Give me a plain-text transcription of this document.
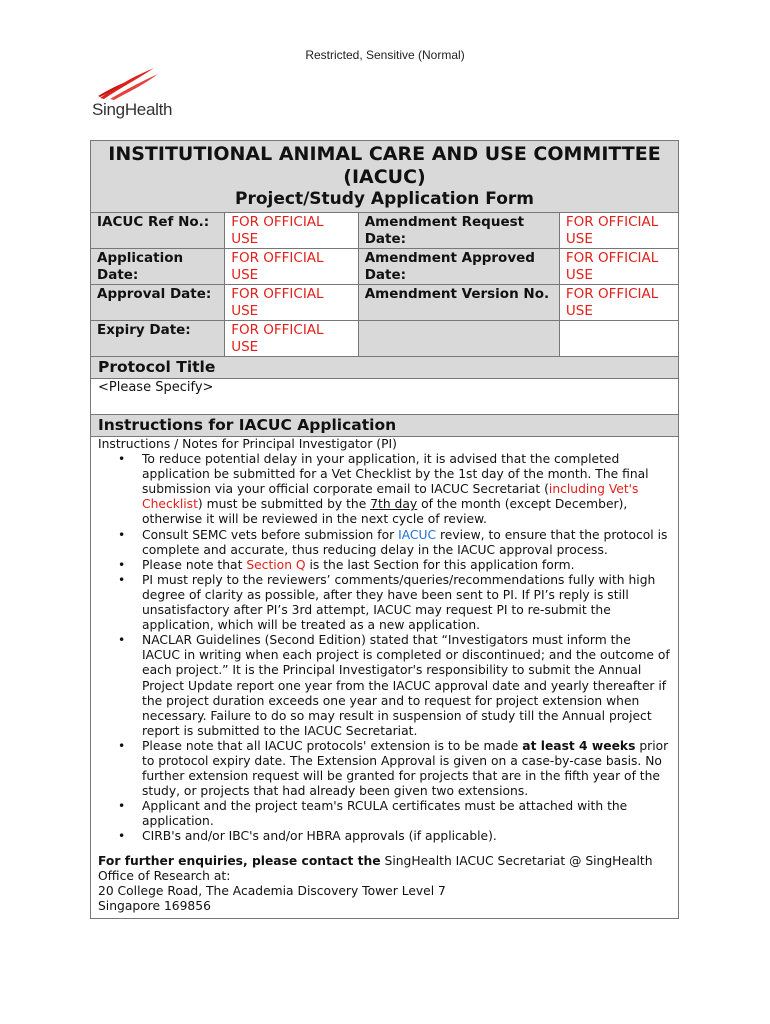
Restricted, Sensitive (Normal)
SingHealth
INSTITUTIONAL ANIMAL CARE AND USE COMMITTEE
(IACUC)
Project/Study Application Form
IACUC Ref No.:	FOR OFFICIAL USE	Amendment Request Date:	FOR OFFICIAL USE
Application Date:	FOR OFFICIAL USE	Amendment Approved Date:	FOR OFFICIAL USE
Approval Date:	FOR OFFICIAL USE	Amendment Version No.	FOR OFFICIAL USE
Expiry Date:	FOR OFFICIAL USE		
Protocol Title
<Please Specify>
Instructions for IACUC Application
Instructions / Notes for Principal Investigator (PI)
• To reduce potential delay in your application, it is advised that the completed application be submitted for a Vet Checklist by the 1st day of the month. The final submission via your official corporate email to IACUC Secretariat (including Vet's Checklist) must be submitted by the 7th day of the month (except December), otherwise it will be reviewed in the next cycle of review.
• Consult SEMC vets before submission for IACUC review, to ensure that the protocol is complete and accurate, thus reducing delay in the IACUC approval process.
• Please note that Section Q is the last Section for this application form.
• PI must reply to the reviewers’ comments/queries/recommendations fully with high degree of clarity as possible, after they have been sent to PI. If PI’s reply is still unsatisfactory after PI’s 3rd attempt, IACUC may request PI to re-submit the application, which will be treated as a new application.
• NACLAR Guidelines (Second Edition) stated that “Investigators must inform the IACUC in writing when each project is completed or discontinued; and the outcome of each project.” It is the Principal Investigator's responsibility to submit the Annual Project Update report one year from the IACUC approval date and yearly thereafter if the project duration exceeds one year and to request for project extension when necessary. Failure to do so may result in suspension of study till the Annual project report is submitted to the IACUC Secretariat.
• Please note that all IACUC protocols' extension is to be made at least 4 weeks prior to protocol expiry date. The Extension Approval is given on a case-by-case basis. No further extension request will be granted for projects that are in the fifth year of the study, or projects that had already been given two extensions.
• Applicant and the project team's RCULA certificates must be attached with the application.
• CIRB's and/or IBC's and/or HBRA approvals (if applicable).
For further enquiries, please contact the SingHealth IACUC Secretariat @ SingHealth Office of Research at:
20 College Road, The Academia Discovery Tower Level 7
Singapore 169856
